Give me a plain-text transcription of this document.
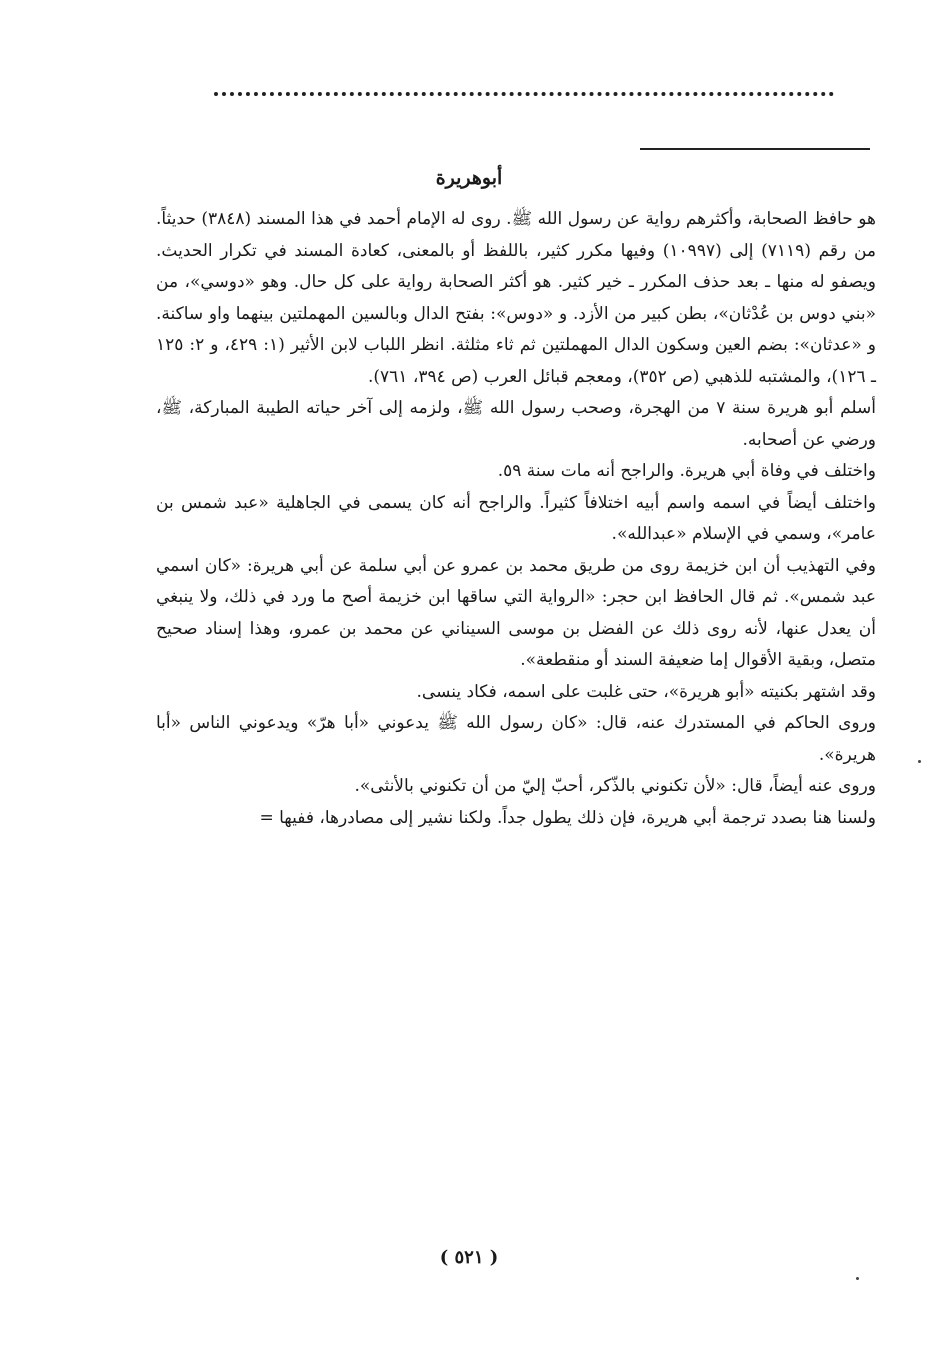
أبوهريرة

هو حافظ الصحابة، وأكثرهم رواية عن رسول الله ﷺ. روى له الإمام أحمد في هذا المسند (٣٨٤٨) حديثاً. من رقم (٧١١٩) إلى (١٠٩٩٧) وفيها مكرر كثير، باللفظ أو بالمعنى، كعادة المسند في تكرار الحديث. ويصفو له منها ـ بعد حذف المكرر ـ خير كثير. هو أكثر الصحابة رواية على كل حال. وهو «دوسي»، من «بني دوس بن عُدْثان»، بطن كبير من الأزد. و «دوس»: بفتح الدال وبالسين المهملتين بينهما واو ساكنة. و «عدثان»: بضم العين وسكون الدال المهملتين ثم ثاء مثلثة. انظر اللباب لابن الأثير (١: ٤٢٩، و ٢: ١٢٥ ـ ١٢٦)، والمشتبه للذهبي (ص ٣٥٢)، ومعجم قبائل العرب (ص ٣٩٤، ٧٦١).

أسلم أبو هريرة سنة ٧ من الهجرة، وصحب رسول الله ﷺ، ولزمه إلى آخر حياته الطيبة المباركة، ﷺ، ورضي عن أصحابه.

واختلف في وفاة أبي هريرة. والراجح أنه مات سنة ٥٩.

واختلف أيضاً في اسمه واسم أبيه اختلافاً كثيراً. والراجح أنه كان يسمى في الجاهلية «عبد شمس بن عامر»، وسمي في الإسلام «عبدالله».

وفي التهذيب أن ابن خزيمة روى من طريق محمد بن عمرو عن أبي سلمة عن أبي هريرة: «كان اسمي عبد شمس». ثم قال الحافظ ابن حجر: «الرواية التي ساقها ابن خزيمة أصح ما ورد في ذلك، ولا ينبغي أن يعدل عنها، لأنه روى ذلك عن الفضل بن موسى السيناني عن محمد بن عمرو، وهذا إسناد صحيح متصل، وبقية الأقوال إما ضعيفة السند أو منقطعة».

وقد اشتهر بكنيته «أبو هريرة»، حتى غلبت على اسمه، فكاد ينسى.

وروى الحاكم في المستدرك عنه، قال: «كان رسول الله ﷺ يدعوني «أبا هرّ» ويدعوني الناس «أبا هريرة».

وروى عنه أيضاً، قال: «لأن تكنوني بالذّكر، أحبّ إليّ من أن تكنوني بالأنثى».

ولسنا هنا بصدد ترجمة أبي هريرة، فإن ذلك يطول جداً. ولكنا نشير إلى مصادرها، ففيها =

( ٥٢١ )
